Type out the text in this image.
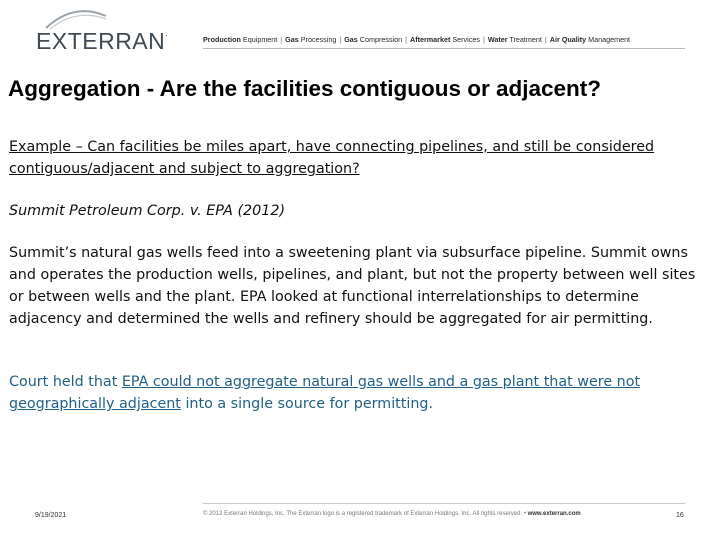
EXTERRAN.
Production Equipment | Gas Processing | Gas Compression | Aftermarket Services | Water Treatment | Air Quality Management
Aggregation - Are the facilities contiguous or adjacent?
Example – Can facilities be miles apart, have connecting pipelines, and still be considered contiguous/adjacent and subject to aggregation?
Summit Petroleum Corp. v. EPA (2012)
Summit’s natural gas wells feed into a sweetening plant via subsurface pipeline. Summit owns and operates the production wells, pipelines, and plant, but not the property between well sites or between wells and the plant. EPA looked at functional interrelationships to determine adjacency and determined the wells and refinery should be aggregated for air permitting.
Court held that EPA could not aggregate natural gas wells and a gas plant that were not geographically adjacent into a single source for permitting.
9/19/2021	© 2012 Exterran Holdings, Inc. The Exterran logo is a registered trademark of Exterran Holdings, Inc. All rights reserved. • www.exterran.com	16
